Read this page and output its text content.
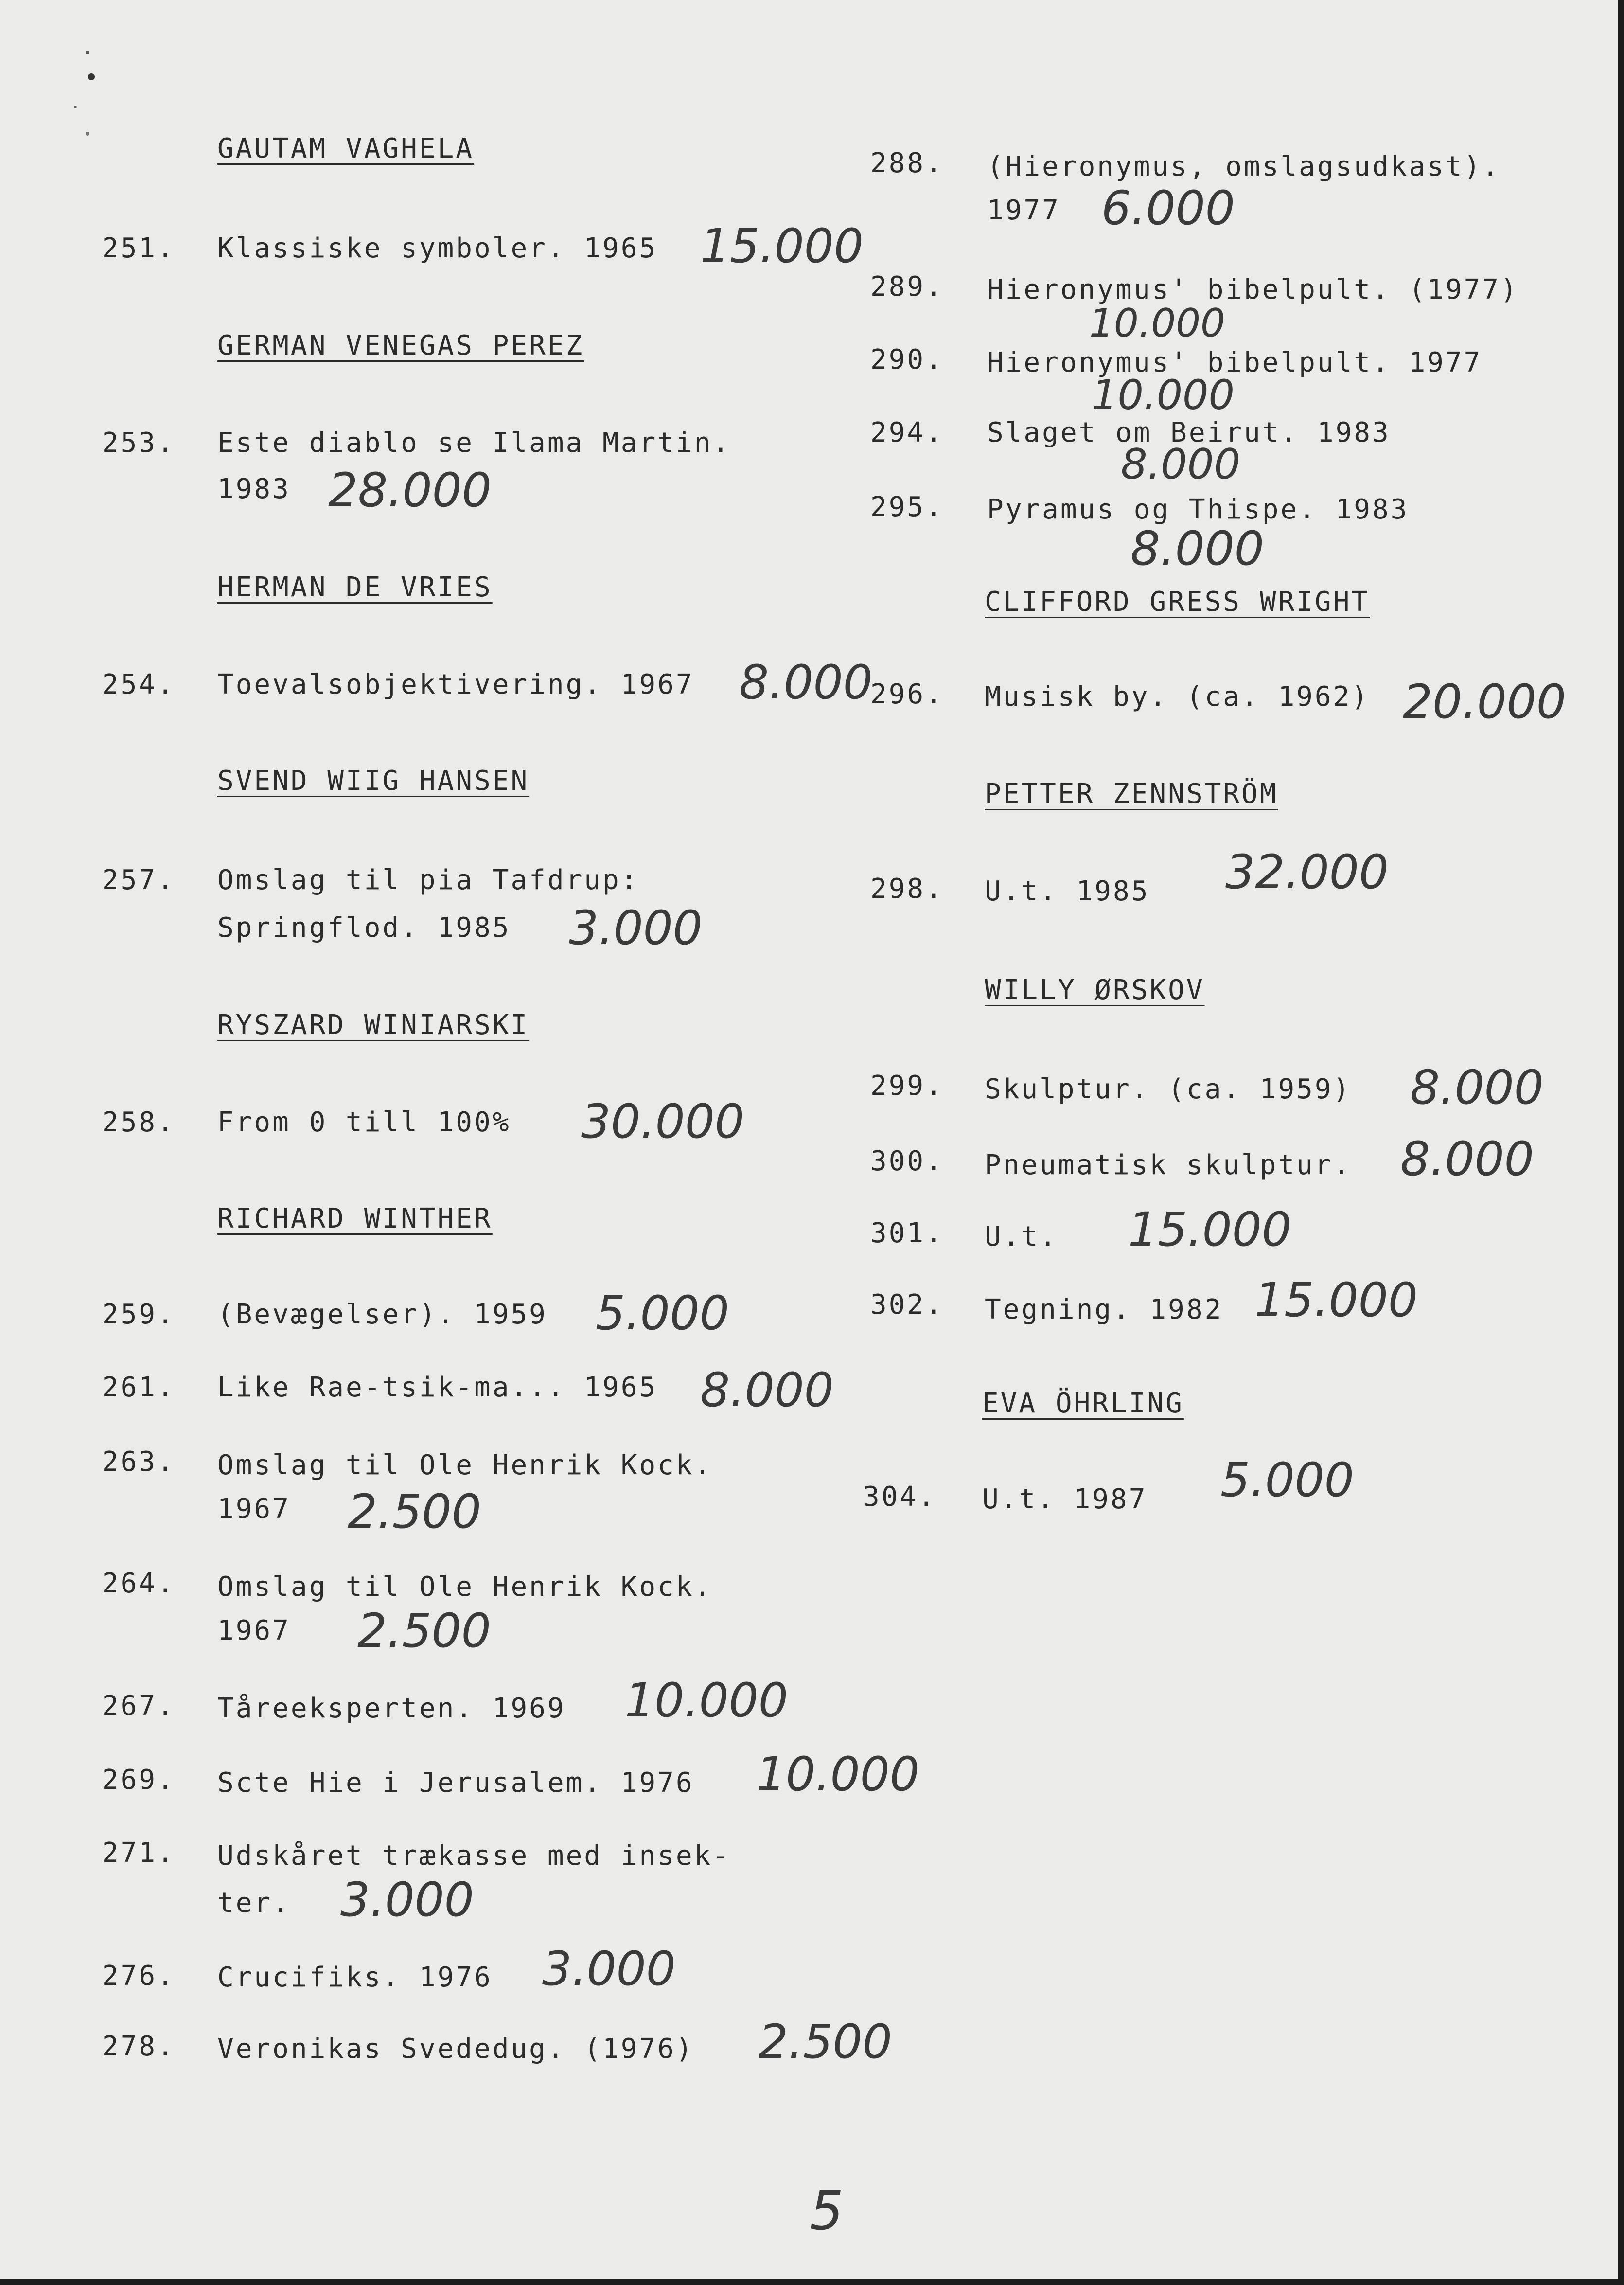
GAUTAM VAGHELA
251. Klassiske symboler. 1965 15.000
GERMAN VENEGAS PEREZ
253. Este diablo se Ilama Martin.
1983 28.000
HERMAN DE VRIES
254. Toevalsobjektivering. 1967 8.000
SVEND WIIG HANSEN
257. Omslag til pia Tafdrup:
Springflod. 1985 3.000
RYSZARD WINIARSKI
258. From 0 till 100% 30.000
RICHARD WINTHER
259. (Bevægelser). 1959 5.000
261. Like Rae-tsik-ma... 1965 8.000
263. Omslag til Ole Henrik Kock.
1967 2.500
264. Omslag til Ole Henrik Kock.
1967 2.500
267. Tåreeksperten. 1969 10.000
269. Scte Hie i Jerusalem. 1976 10.000
271. Udskåret trækasse med insek-
ter. 3.000
276. Crucifiks. 1976 3.000
278. Veronikas Svededug. (1976) 2.500
288. (Hieronymus, omslagsudkast).
1977 6.000
289. Hieronymus' bibelpult. (1977)
10.000
290. Hieronymus' bibelpult. 1977
10.000
294. Slaget om Beirut. 1983
8.000
295. Pyramus og Thispe. 1983
8.000
CLIFFORD GRESS WRIGHT
296. Musisk by. (ca. 1962) 20.000
PETTER ZENNSTRÖM
298. U.t. 1985 32.000
WILLY ØRSKOV
299. Skulptur. (ca. 1959) 8.000
300. Pneumatisk skulptur. 8.000
301. U.t. 15.000
302. Tegning. 1982 15.000
EVA ÖHRLING
304. U.t. 1987 5.000
5
